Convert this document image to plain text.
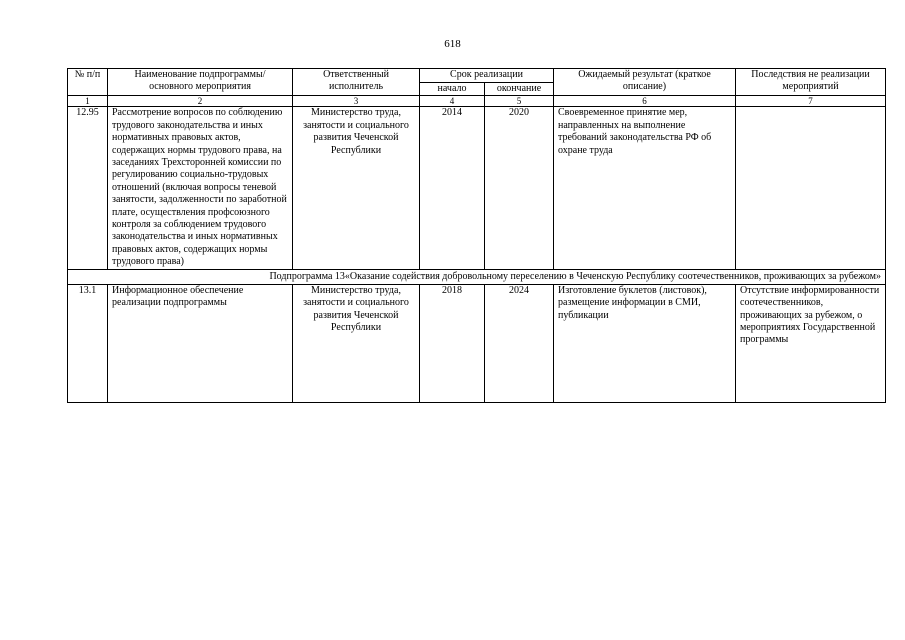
618
№ п/п	Наименование подпрограммы/ основного мероприятия	Ответственный исполнитель	Срок реализации		Ожидаемый результат (краткое описание)	Последствия не реализации мероприятий
			начало	окончание		
1	2	3	4	5	6	7
12.95	Рассмотрение вопросов по соблюдению трудового законодательства и иных нормативных правовых актов, содержащих нормы трудового права, на заседаниях Трехсторонней комиссии по регулированию социально-трудовых отношений (включая вопросы теневой занятости, задолженности по заработной плате, осуществления профсоюзного контроля за соблюдением трудового законодательства и иных нормативных правовых актов, содержащих нормы трудового права)	Министерство труда, занятости и социального развития Чеченской Республики	2014	2020	Своевременное принятие мер, направленных на выполнение требований законодательства РФ об охране труда	
Подпрограмма 13«Оказание содействия добровольному переселению в Чеченскую Республику соотечественников, проживающих за рубежом»						
13.1	Информационное обеспечение реализации подпрограммы	Министерство труда, занятости и социального развития Чеченской Республики	2018	2024	Изготовление буклетов (листовок), размещение информации в СМИ, публикации	Отсутствие информированности соотечественников, проживающих за рубежом, о мероприятиях Государственной программы
